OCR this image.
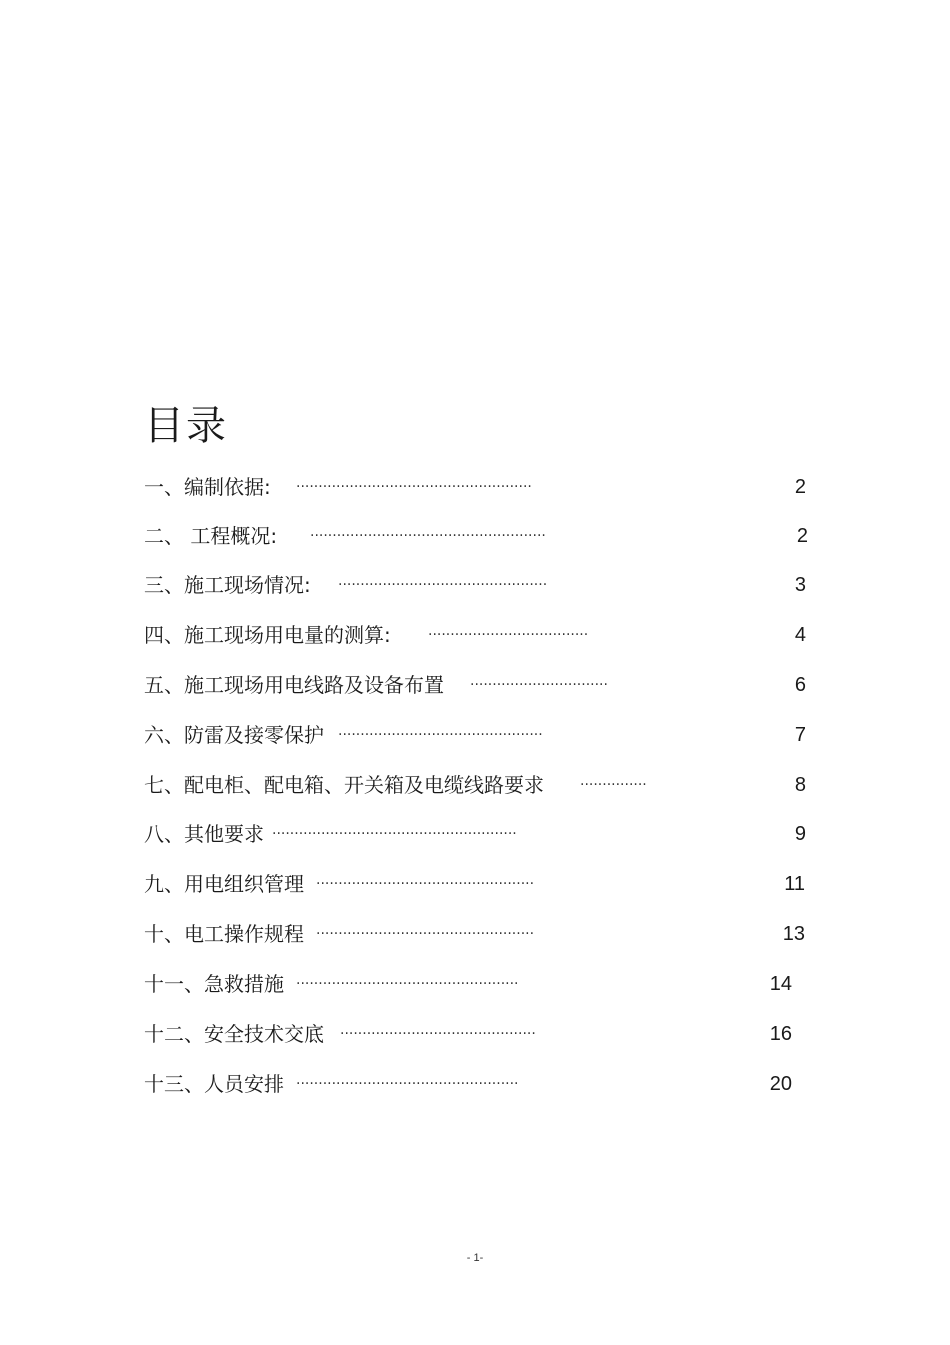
目录
一、编制依据: ·····················································	2
二、 工程概况: ·····················································	2
三、施工现场情况: ···············································	3
四、施工现场用电量的测算:	····································	4
五、施工现场用电线路及设备布置 ·······························	6
六、防雷及接零保护 ··············································	7
七、配电柜、配电箱、开关箱及电缆线路要求	···············	8
八、其他要求 ·······················································	9
九、用电组织管理 ·················································	11
十、电工操作规程 ·················································	13
十一、急救措施 ··················································	14
十二、安全技术交底 ············································	16
十三、人员安排 ··················································	20
- 1-
